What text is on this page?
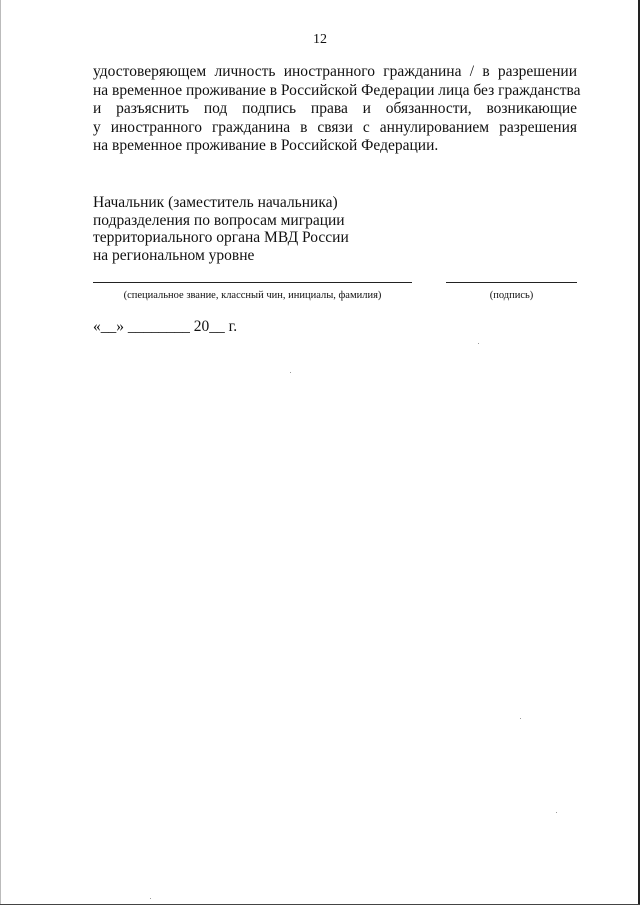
12
удостоверяющем личность иностранного гражданина / в разрешении
на временное проживание в Российской Федерации лица без гражданства
и разъяснить под подпись права и обязанности, возникающие
у иностранного гражданина в связи с аннулированием разрешения
на временное проживание в Российской Федерации.
Начальник (заместитель начальника)
подразделения по вопросам миграции
территориального органа МВД России
на региональном уровне
(специальное звание, классный чин, инициалы, фамилия)	(подпись)
«__» ________ 20__ г.
